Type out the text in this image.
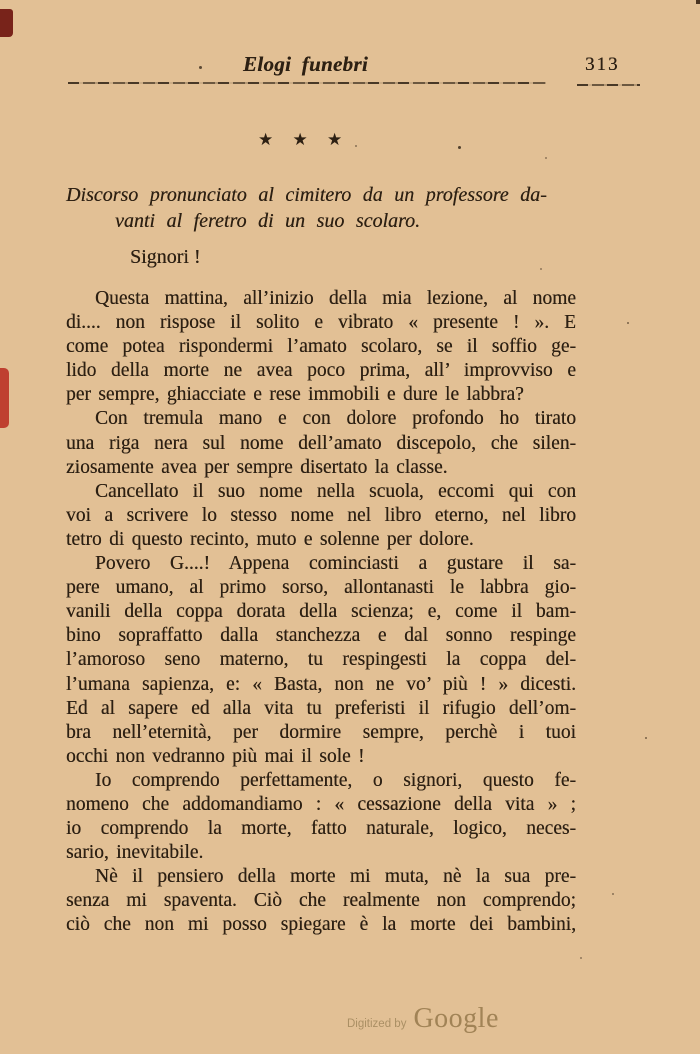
Elogi funebri	313
★ ★ ★
Discorso pronunciato al cimitero da un professore da-
vanti al feretro di un suo scolaro.
Signori !
Questa mattina, all’inizio della mia lezione, al nome
di.... non rispose il solito e vibrato « presente ! ». E
come potea rispondermi l’amato scolaro, se il soffio ge-
lido della morte ne avea poco prima, all’ improvviso e
per sempre, ghiacciate e rese immobili e dure le labbra?
Con tremula mano e con dolore profondo ho tirato
una riga nera sul nome dell’amato discepolo, che silen-
ziosamente avea per sempre disertato la classe.
Cancellato il suo nome nella scuola, eccomi qui con
voi a scrivere lo stesso nome nel libro eterno, nel libro
tetro di questo recinto, muto e solenne per dolore.
Povero G....! Appena cominciasti a gustare il sa-
pere umano, al primo sorso, allontanasti le labbra gio-
vanili della coppa dorata della scienza; e, come il bam-
bino sopraffatto dalla stanchezza e dal sonno respinge
l’amoroso seno materno, tu respingesti la coppa del-
l’umana sapienza, e: « Basta, non ne vo’ più ! » dicesti.
Ed al sapere ed alla vita tu preferisti il rifugio dell’om-
bra nell’eternità, per dormire sempre, perchè i tuoi
occhi non vedranno più mai il sole !
Io comprendo perfettamente, o signori, questo fe-
nomeno che addomandiamo : « cessazione della vita » ;
io comprendo la morte, fatto naturale, logico, neces-
sario, inevitabile.
Nè il pensiero della morte mi muta, nè la sua pre-
senza mi spaventa. Ciò che realmente non comprendo;
ciò che non mi posso spiegare è la morte dei bambini,
Digitized by Google
